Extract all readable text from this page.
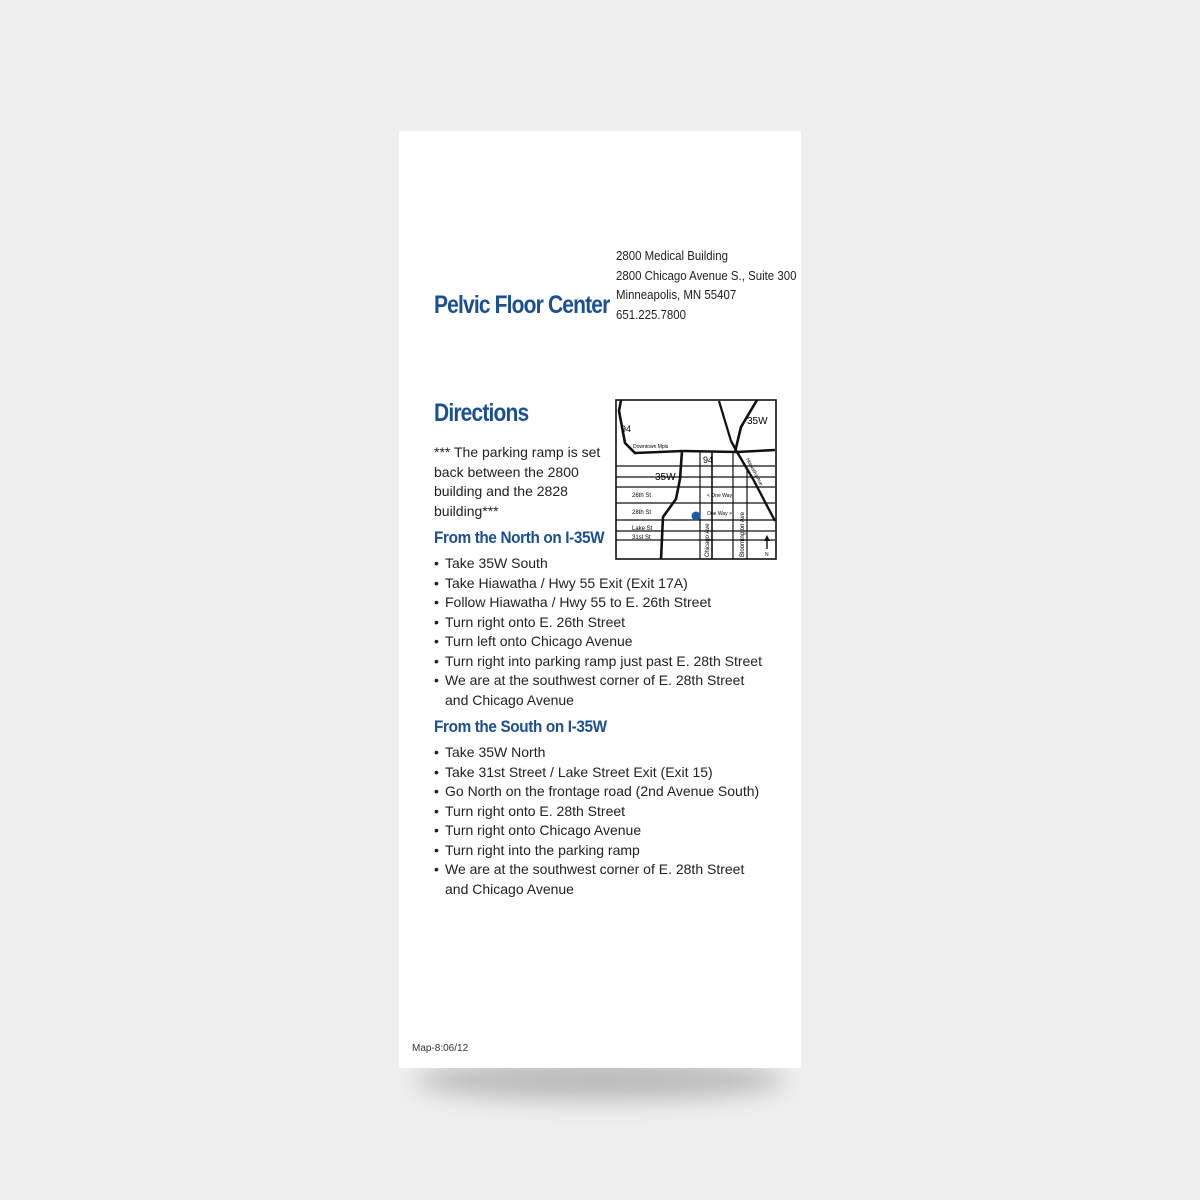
Pelvic Floor Center
2800 Medical Building
2800 Chicago Avenue S., Suite 300
Minneapolis, MN 55407
651.225.7800
Directions
*** The parking ramp is set back between the 2800 building and the 2828 building***
94
35W
Downtown Mpls
94
35W	Hiawatha Ave
26th St	< One Way
28th St	One Way >
Lake St
31st St	Chicago Ave	Bloomington Ave	N
From the North on I-35W
• Take 35W South
• Take Hiawatha / Hwy 55 Exit (Exit 17A)
• Follow Hiawatha / Hwy 55 to E. 26th Street
• Turn right onto E. 26th Street
• Turn left onto Chicago Avenue
• Turn right into parking ramp just past E. 28th Street
• We are at the southwest corner of E. 28th Street and Chicago Avenue
From the South on I-35W
• Take 35W North
• Take 31st Street / Lake Street Exit (Exit 15)
• Go North on the frontage road (2nd Avenue South)
• Turn right onto E. 28th Street
• Turn right onto Chicago Avenue
• Turn right into the parking ramp
• We are at the southwest corner of E. 28th Street and Chicago Avenue
Map-8:06/12
